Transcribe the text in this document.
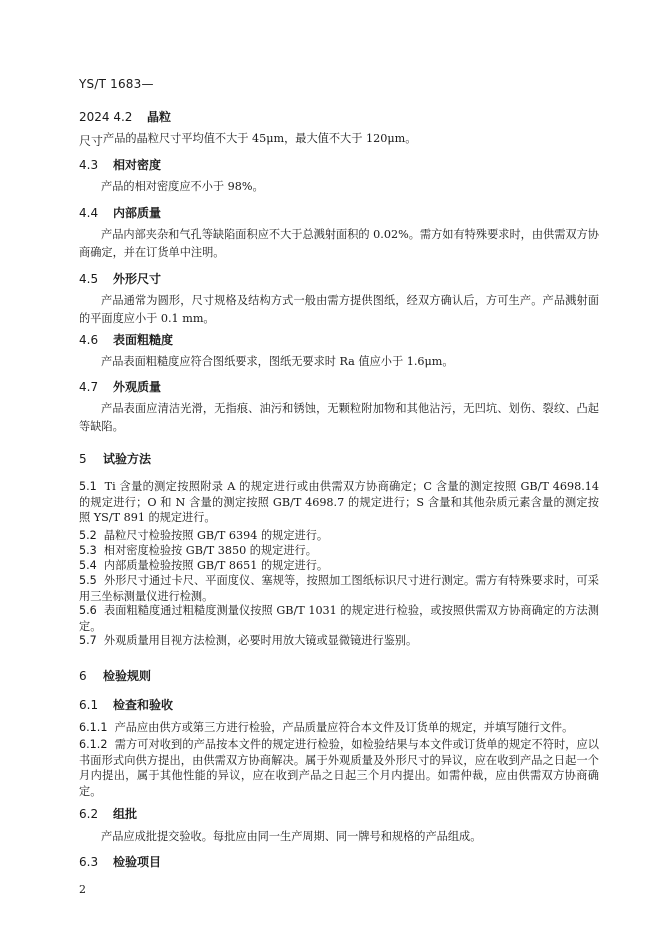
YS/T 1683—
2024 4.2 晶粒
尺寸 产品的晶粒尺寸平均值不大于 45μm，最大值不大于 120μm。
4.3 相对密度
产品的相对密度应不小于 98%。
4.4 内部质量
产品内部夹杂和气孔等缺陷面积应不大于总溅射面积的 0.02%。需方如有特殊要求时，由供需双方协商确定，并在订货单中注明。
4.5 外形尺寸
产品通常为圆形，尺寸规格及结构方式一般由需方提供图纸，经双方确认后，方可生产。产品溅射面的平面度应小于 0.1 mm。
4.6 表面粗糙度
产品表面粗糙度应符合图纸要求，图纸无要求时 Ra 值应小于 1.6μm。
4.7 外观质量
产品表面应清洁光滑，无指痕、油污和锈蚀，无颗粒附加物和其他沾污，无凹坑、划伤、裂纹、凸起等缺陷。
5 试验方法
5.1 Ti 含量的测定按照附录 A 的规定进行或由供需双方协商确定；C 含量的测定按照 GB/T 4698.14 的规定进行；O 和 N 含量的测定按照 GB/T 4698.7 的规定进行；S 含量和其他杂质元素含量的测定按照 YS/T 891 的规定进行。
5.2 晶粒尺寸检验按照 GB/T 6394 的规定进行。
5.3 相对密度检验按 GB/T 3850 的规定进行。
5.4 内部质量检验按照 GB/T 8651 的规定进行。
5.5 外形尺寸通过卡尺、平面度仪、塞规等，按照加工图纸标识尺寸进行测定。需方有特殊要求时，可采用三坐标测量仪进行检测。
5.6 表面粗糙度通过粗糙度测量仪按照 GB/T 1031 的规定进行检验，或按照供需双方协商确定的方法测定。
5.7 外观质量用目视方法检测，必要时用放大镜或显微镜进行鉴别。
6 检验规则
6.1 检查和验收
6.1.1 产品应由供方或第三方进行检验，产品质量应符合本文件及订货单的规定，并填写随行文件。
6.1.2 需方可对收到的产品按本文件的规定进行检验，如检验结果与本文件或订货单的规定不符时，应以书面形式向供方提出，由供需双方协商解决。属于外观质量及外形尺寸的异议，应在收到产品之日起一个月内提出，属于其他性能的异议，应在收到产品之日起三个月内提出。如需仲裁，应由供需双方协商确定。
6.2 组批
产品应成批提交验收。每批应由同一生产周期、同一牌号和规格的产品组成。
6.3 检验项目
2
